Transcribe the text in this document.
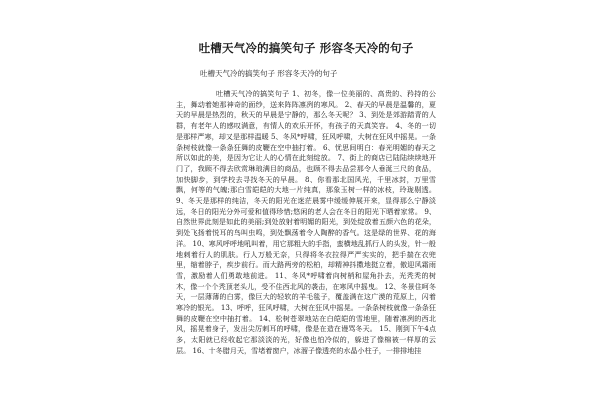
吐槽天气冷的搞笑句子 形容冬天冷的句子
吐槽天气冷的搞笑句子 形容冬天冷的句子

吐槽天气冷的搞笑句子 1、初冬，像一位美丽的、高贵的、矜持的公主，舞动着她那神奇的面纱，送来阵阵凛冽的寒风。 2、春天的早晨是温馨的，夏天的早晨是热烈的，秋天的早晨是宁静的，那么冬天呢？ 3、到处是郊游踏青的人群，有老年人的感叹满意，有情人的欢乐开怀，有孩子的天真笑容。 4、冬的一切是那样严寒，却又是那样温暖 5、冬风*呼啸，狂风呼啸，大树在狂风中摇晃。一条条树枝就像一条条狂舞的皮鞭在空中抽打着。 6、忧思间明白：春光明媚的春天之所以如此的美，是因为它让人的心情在此刻绽放。 7、街上的商店已陆陆续续地开门了，我顾不得去欣赏琳琅满目的商品，也顾不得去品尝那令人垂涎三尺的食品，加快脚步，到学校去寻找冬天的早晨。 8、你看那北国风光，千里冰封，万里雪飘，何等的气魄;那白雪皑皑的大地一片纯真，那象玉树一样的冰枝，玲珑剔透。 9、冬天是那样的纯洁，冬天的阳光在迷茫晨雾中缓缓伸展开来，显得那么宁静淡远，冬日的阳光分外可爱和值得珍惜;悠闲的老人会在冬日的阳光下晒着家常。 9、自然世界此刻是如此的美丽;到处放射着明媚的阳光，到处绽放着五颜六色的花朵，到处飞扬着悦耳的鸟叫虫鸣，到处飘荡着令人陶醉的香气。这是绿的世界、花的海洋。 10、寒风呼呼地吼叫着，用它那粗大的手指，蛮横地乱抓行人的头发，针一般地刺着行人的肌肤。行人万般无奈，只得将冬衣拉得严严实实的，把手揣在衣兜里，缩着脖子，疾步前行。而大路两旁的松柏，却精神抖擞地挺立着，傲迎风霜雨雪，激励着人们勇敢地前进。 11、冬风*呼啸着向树梢和屋角扑去，光秃秃的树木，像一个个秃顶老头儿，受不住西北风的袭击，在寒风中摇曳。 12、冬景住呵冬天，一层薄薄的白雾，像巨大的轻软的羊毛毯子，覆盖满在这广漠的荒原上，闪着寒冷的银光。 13、呼呼，狂风呼啸，大树在狂风中摇晃。一条条树枝就像一条条狂舞的皮鞭在空中抽打着。 14、松树苍翠地站在白皑皑的雪地里，随着凛冽的西北风，摇晃着身子，发出尖厉刺耳的呼啸，像是在造在谩骂冬天。 15、刚到下午4点多，太阳就已经收起它那淡淡的光，好像也怕冷似的，躲进了像棉被一样厚的云层。 16、十冬腊月天，雪堵着窗户，冰溜子像透亮的水晶小柱子，一排排地挂
